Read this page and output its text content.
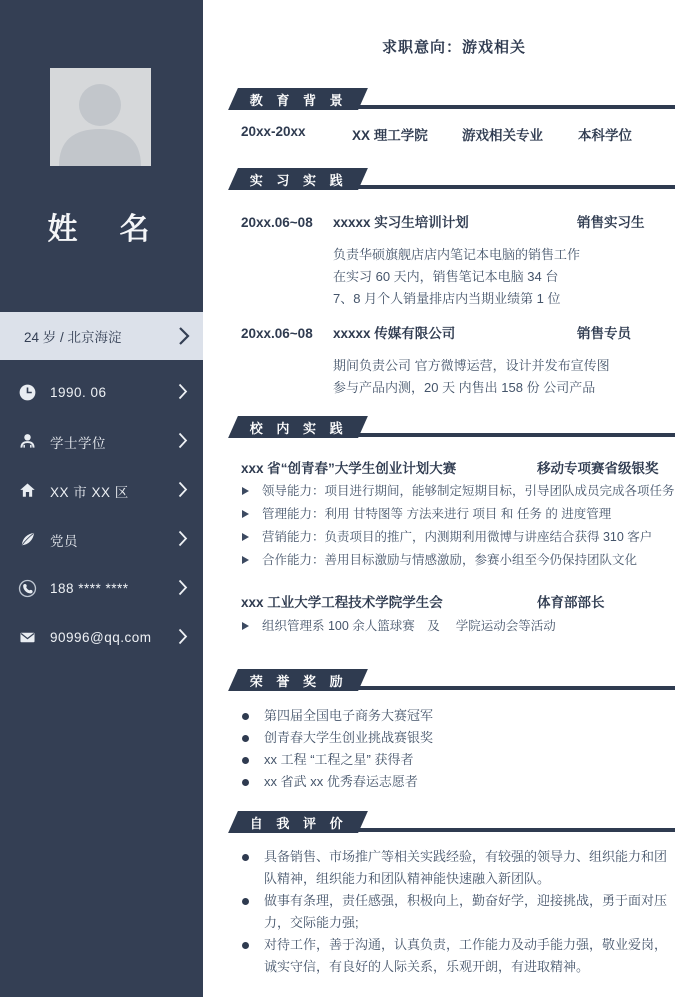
姓　名
24 岁 / 北京海淀
1990. 06
学士学位
XX 市 XX 区
党员
188 **** ****
90996@qq.com
求职意向：游戏相关
教 育 背 景
20xx-20xx	XX 理工学院	游戏相关专业	本科学位
实 习 实 践
20xx.06~08	xxxxx 实习生培训计划	销售实习生
负责华硕旗舰店店内笔记本电脑的销售工作
在实习 60 天内，销售笔记本电脑 34 台
7、8 月个人销量排店内当期业绩第 1 位
20xx.06~08	xxxxx 传媒有限公司	销售专员
期间负责公司 官方微博运营，设计并发布宣传图
参与产品内测，20 天 内售出 158 份 公司产品
校 内 实 践
xxx 省“创青春”大学生创业计划大赛	移动专项赛省级银奖
领导能力：项目进行期间，能够制定短期目标，引导团队成员完成各项任务
管理能力：利用 甘特图等 方法来进行 项目 和 任务 的 进度管理
营销能力：负责项目的推广，内测期利用微博与讲座结合获得 310 客户
合作能力：善用目标激励与情感激励，参赛小组至今仍保持团队文化
xxx 工业大学工程技术学院学生会	体育部部长
组织管理系 100 余人篮球赛　及　 学院运动会等活动
荣 誉 奖 励
第四届全国电子商务大赛冠军
创青春大学生创业挑战赛银奖
xx 工程 “工程之星” 获得者
xx 省武 xx 优秀春运志愿者
自 我 评 价
具备销售、市场推广等相关实践经验，有较强的领导力、组织能力和团队精神，组织能力和团队精神能快速融入新团队。
做事有条理，责任感强，积极向上，勤奋好学，迎接挑战，勇于面对压力，交际能力强;
对待工作，善于沟通，认真负责，工作能力及动手能力强，敬业爱岗，诚实守信，有良好的人际关系，乐观开朗，有进取精神。
